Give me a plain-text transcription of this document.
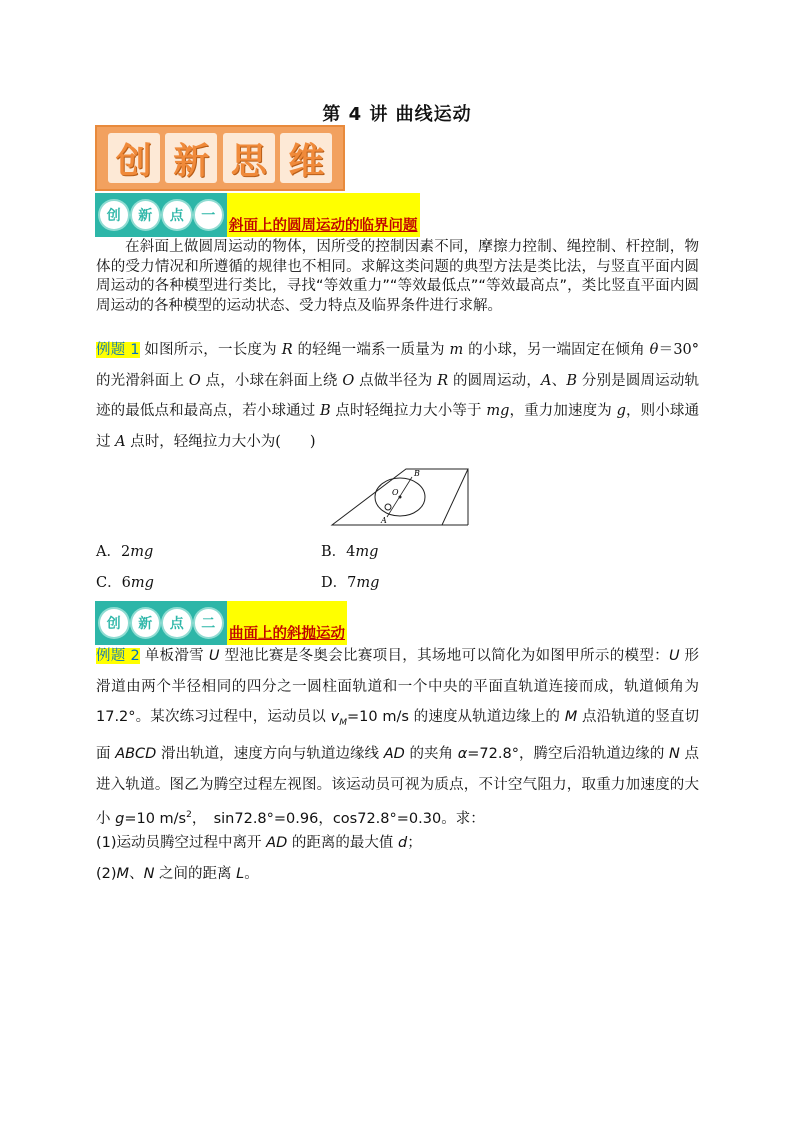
第 4 讲 曲线运动
创 新 思 维
创	新	点	一
斜面上的圆周运动的临界问题
在斜面上做圆周运动的物体，因所受的控制因素不同，摩擦力控制、绳控制、杆控制，物体的受力情况和所遵循的规律也不相同。求解这类问题的典型方法是类比法，与竖直平面内圆周运动的各种模型进行类比，寻找“等效重力”“等效最低点”“等效最高点”，类比竖直平面内圆周运动的各种模型的运动状态、受力特点及临界条件进行求解。
例题 1 如图所示，一长度为 R 的轻绳一端系一质量为 m 的小球，另一端固定在倾角 θ＝30°的光滑斜面上 O 点，小球在斜面上绕 O 点做半径为 R 的圆周运动，A、B 分别是圆周运动轨迹的最低点和最高点，若小球通过 B 点时轻绳拉力大小等于 mg，重力加速度为 g，则小球通过 A 点时，轻绳拉力大小为(　　)
B
O
A
A．2mg	B．4mg
C．6mg	D．7mg
创	新	点	二
曲面上的斜抛运动
例题 2 单板滑雪 U 型池比赛是冬奥会比赛项目，其场地可以简化为如图甲所示的模型：U 形滑道由两个半径相同的四分之一圆柱面轨道和一个中央的平面直轨道连接而成，轨道倾角为 17.2°。某次练习过程中，运动员以 $v_M=10$ m/s 的速度从轨道边缘上的 M 点沿轨道的竖直切面 ABCD 滑出轨道，速度方向与轨道边缘线 AD 的夹角 α=72.8°，腾空后沿轨道边缘的 N 点进入轨道。图乙为腾空过程左视图。该运动员可视为质点，不计空气阻力，取重力加速度的大小 g=10 $m/s^2$，　sin72.8°=0.96，cos72.8°=0.30。求：
(1)运动员腾空过程中离开 AD 的距离的最大值 d；
(2)M、N 之间的距离 L。
